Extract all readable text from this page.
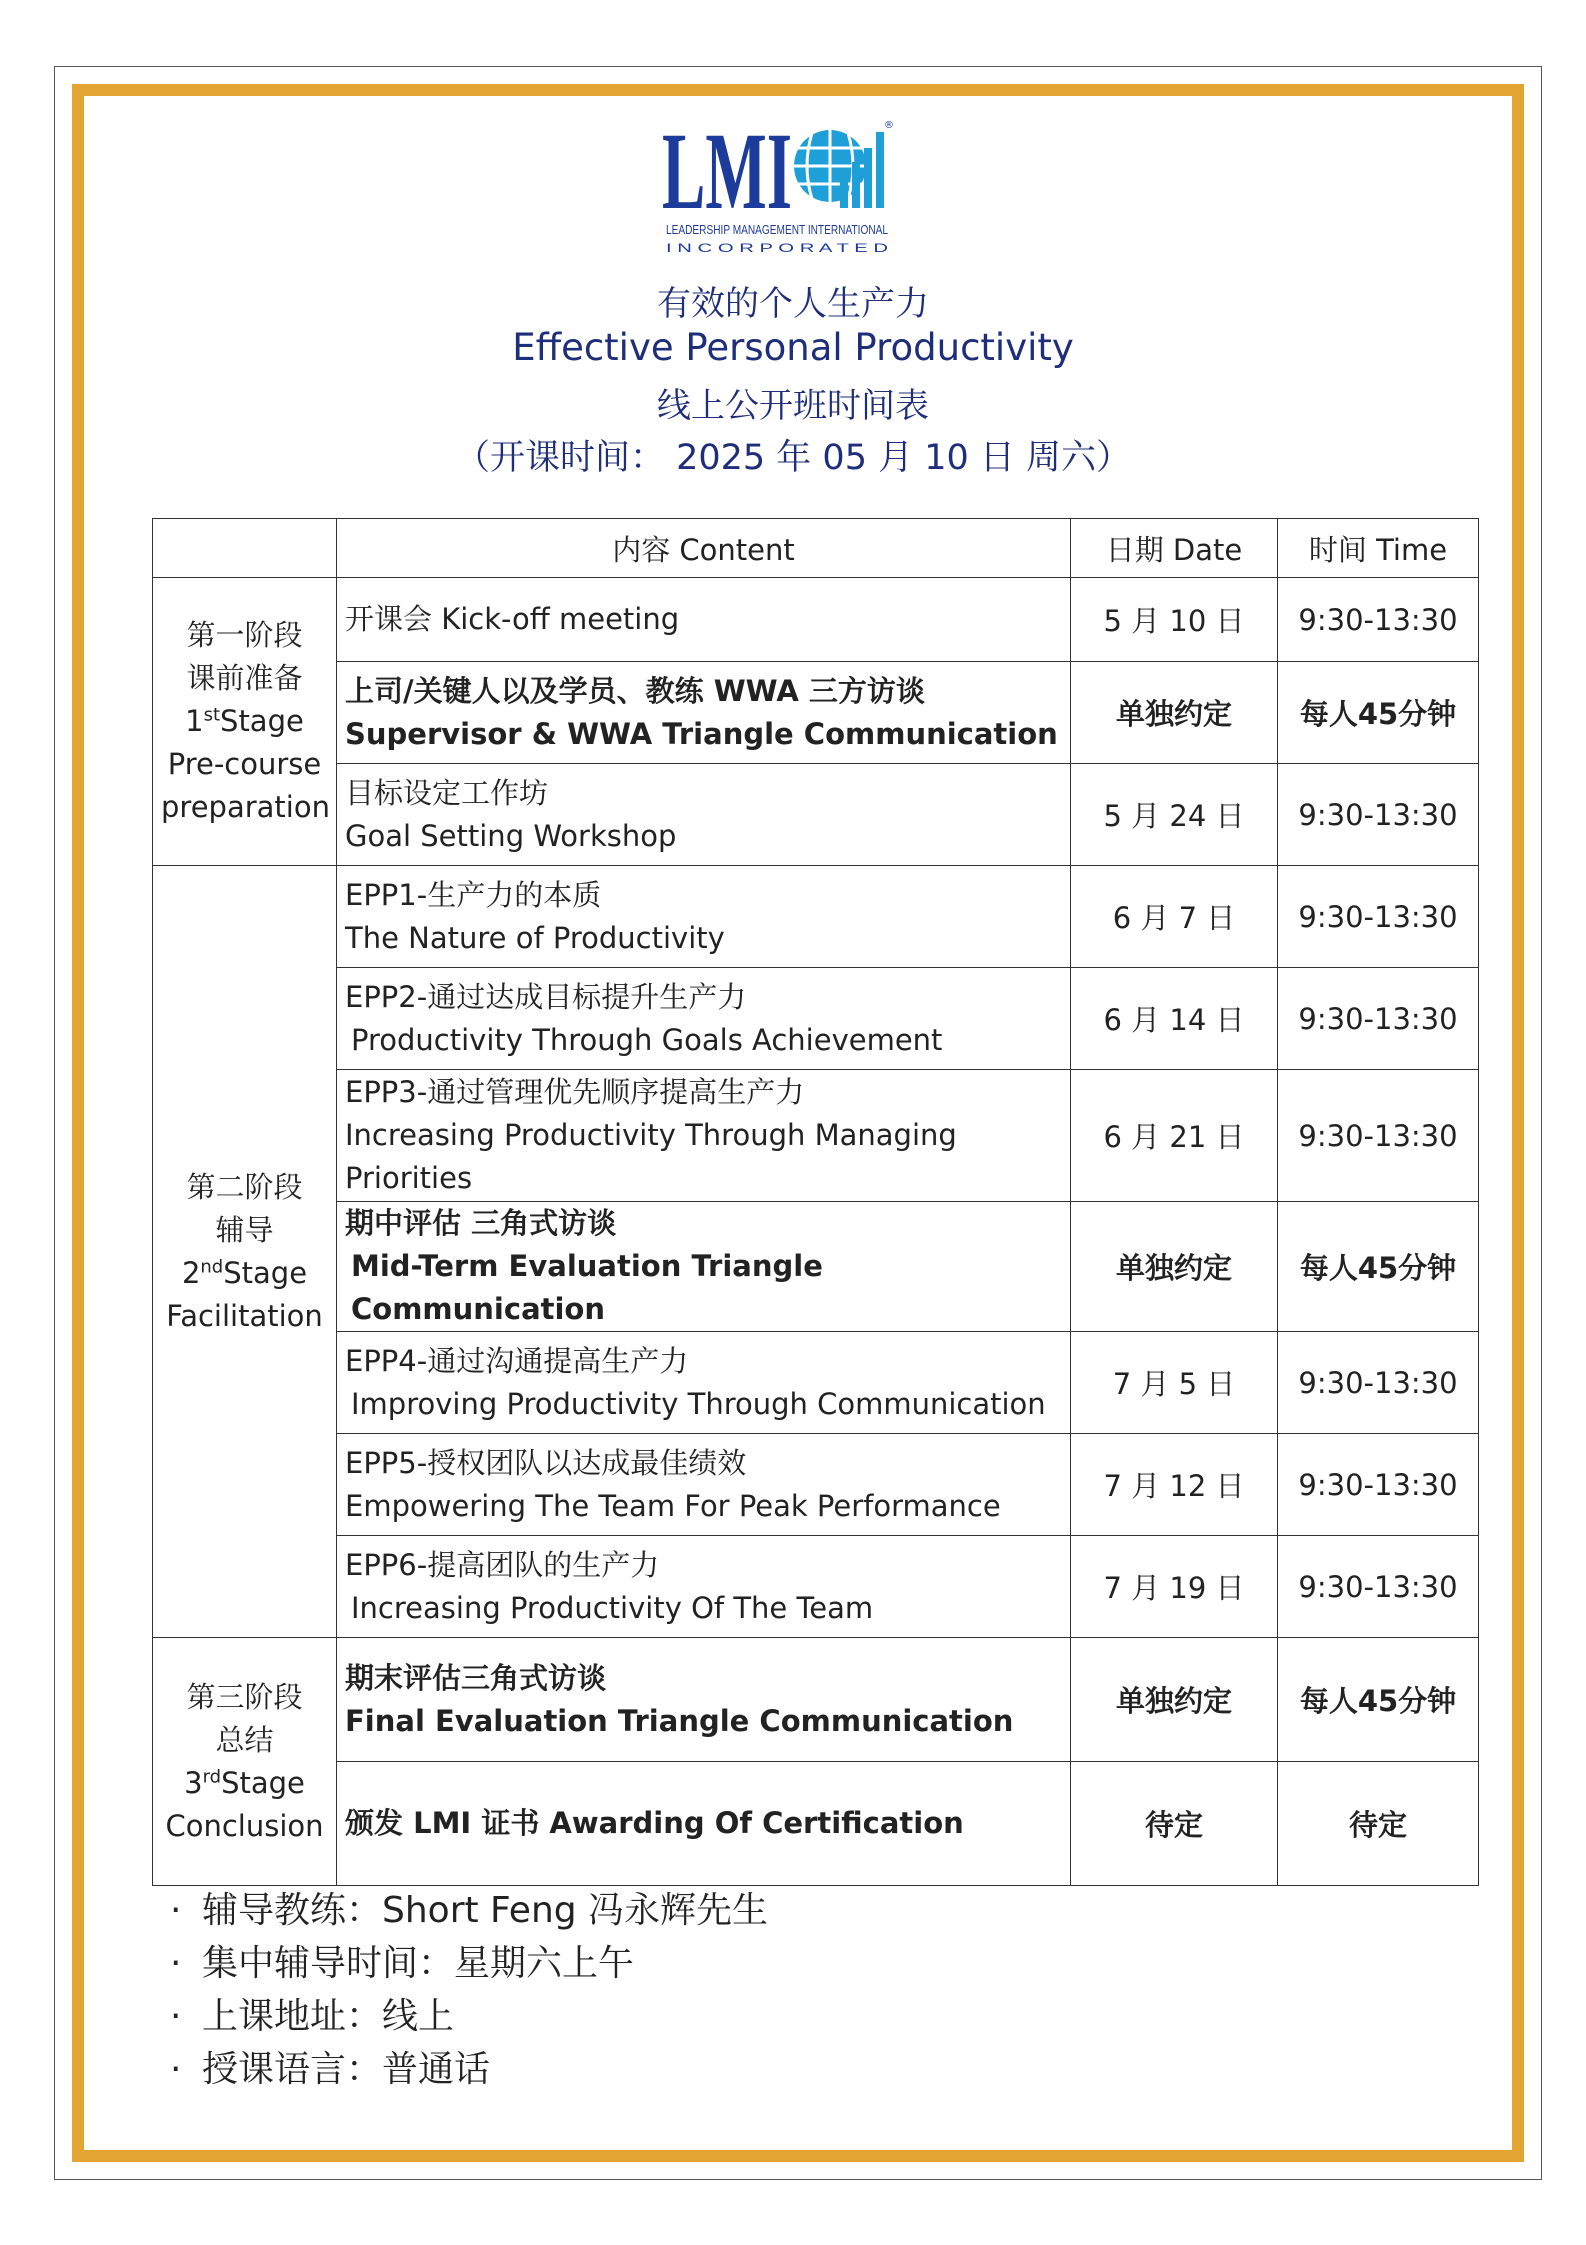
LMI	®
LEADERSHIP MANAGEMENT INTERNATIONAL
I N C O R P O R A T E D
有效的个人生产力
Effective Personal Productivity
线上公开班时间表
（开课时间： 2025 年 05 月 10 日 周六）
	内容 Content	日期 Date	时间 Time

第一阶段
课前准备
1stStage
Pre-course
preparation	开课会 Kick-off meeting	5 月 10 日	9:30-13:30

	上司/关键人以及学员、教练 WWA 三方访谈
Supervisor & WWA Triangle Communication	单独约定	每人45分钟

	目标设定工作坊
Goal Setting Workshop	5 月 24 日	9:30-13:30

第二阶段
辅导
2ndStage
Facilitation	EPP1-生产力的本质
The Nature of Productivity	6 月 7 日	9:30-13:30

	EPP2-通过达成目标提升生产力
Productivity Through Goals Achievement	6 月 14 日	9:30-13:30

	EPP3-通过管理优先顺序提高生产力
Increasing Productivity Through Managing
Priorities	6 月 21 日	9:30-13:30

	期中评估 三角式访谈
Mid-Term Evaluation Triangle Communication	单独约定	每人45分钟

	EPP4-通过沟通提高生产力
Improving Productivity Through Communication	7 月 5 日	9:30-13:30

	EPP5-授权团队以达成最佳绩效
Empowering The Team For Peak Performance	7 月 12 日	9:30-13:30

	EPP6-提高团队的生产力
Increasing Productivity Of The Team	7 月 19 日	9:30-13:30

第三阶段
总结
3rdStage
Conclusion	期末评估三角式访谈
Final Evaluation Triangle Communication	单独约定	每人45分钟

	颁发 LMI 证书 Awarding Of Certification	待定	待定
· 辅导教练：Short Feng 冯永辉先生
· 集中辅导时间：星期六上午
· 上课地址：线上
· 授课语言：普通话
